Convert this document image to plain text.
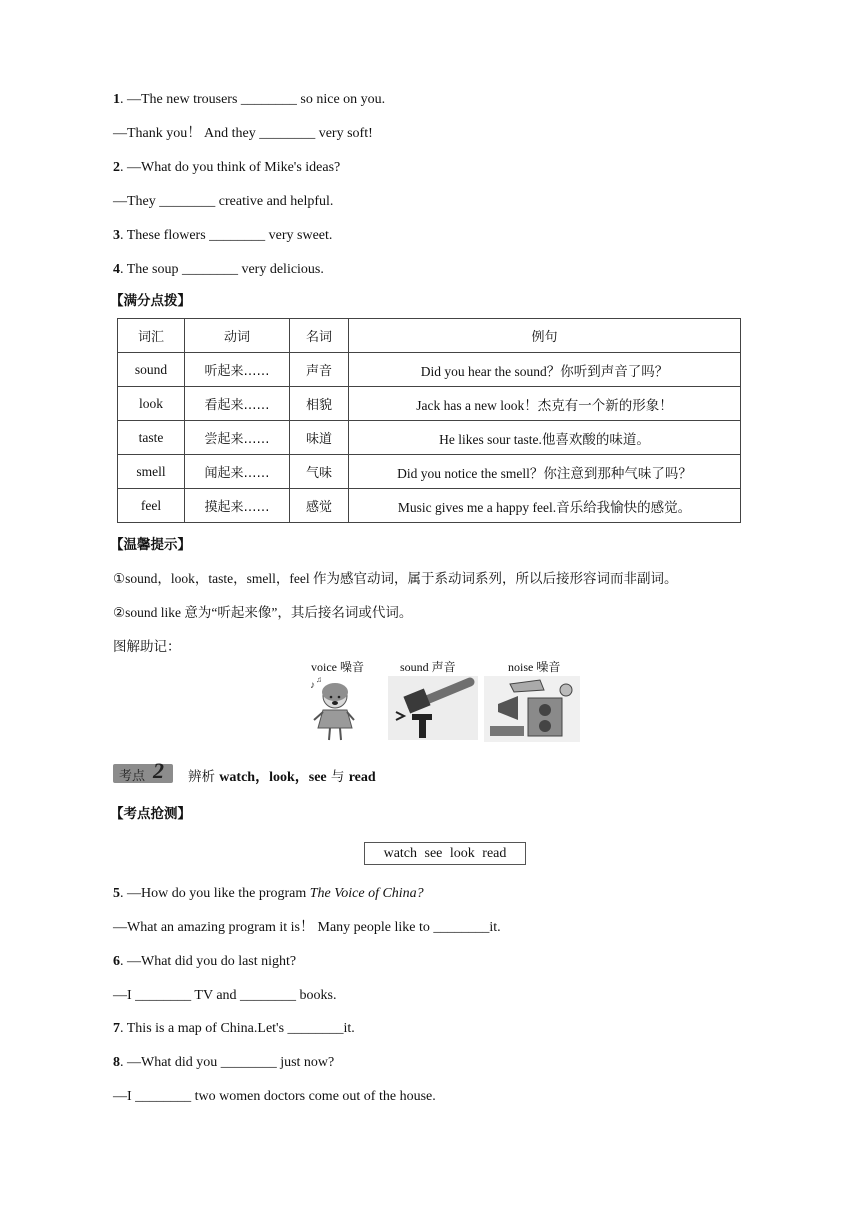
1. —The new trousers ________ so nice on you.
—Thank you！ And they ________ very soft!
2. —What do you think of Mike's ideas?
—They ________ creative and helpful.
3. These flowers ________ very sweet.
4. The soup ________ very delicious.
【满分点拨】
词汇	动词	名词	例句
sound	听起来……	声音	Did you hear the sound？你听到声音了吗？
look	看起来……	相貌	Jack has a new look！杰克有一个新的形象！
taste	尝起来……	味道	He likes sour taste.他喜欢酸的味道。
smell	闻起来……	气味	Did you notice the smell？你注意到那种气味了吗？
feel	摸起来……	感觉	Music gives me a happy feel.音乐给我愉快的感觉。
【温馨提示】
①sound，look，taste，smell，feel 作为感官动词，属于系动词系列，所以后接形容词而非副词。
②sound like 意为“听起来像”，其后接名词或代词。
图解助记：
voice 噪音	sound 声音	noise 噪音
♪
♫
考点 2 辨析 watch，look，see 与 read
【考点抢测】
watch see look read
5. —How do you like the program The Voice of China?
—What an amazing program it is！ Many people like to ________it.
6. —What did you do last night?
—I ________ TV and ________ books.
7. This is a map of China.Let's ________it.
8. —What did you ________ just now?
—I ________ two women doctors come out of the house.
